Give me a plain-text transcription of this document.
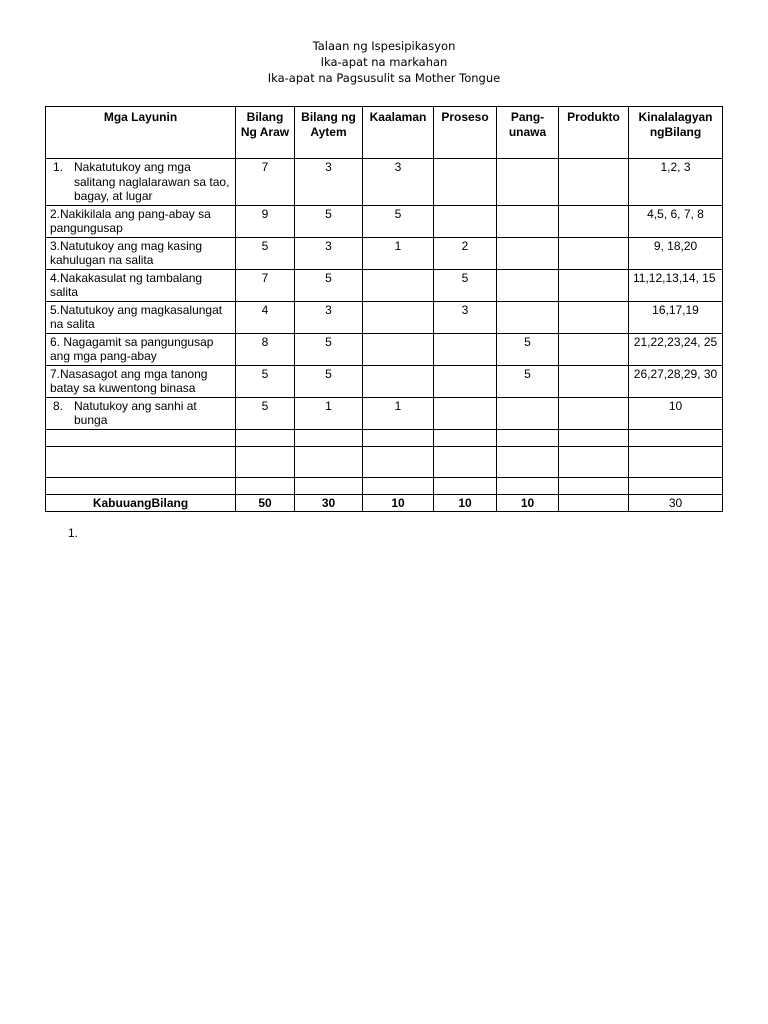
Talaan ng Ispesipikasyon
Ika-apat na markahan
Ika-apat na Pagsusulit sa Mother Tongue
Mga Layunin	Bilang Ng Araw	Bilang ng Aytem	Kaalaman	Proseso	Pang-unawa	Produkto	Kinalalagyan ngBilang
1. Nakatutukoy ang mga salitang naglalarawan sa tao, bagay, at lugar	7	3	3				1,2, 3
2.Nakikilala ang pang-abay sa pangungusap	9	5	5				4,5, 6, 7, 8
3.Natutukoy ang mag kasing kahulugan na salita	5	3	1	2			9, 18,20
4.Nakakasulat ng tambalang salita	7	5		5			11,12,13,14, 15
5.Natutukoy ang magkasalungat na salita	4	3		3			16,17,19
6. Nagagamit sa pangungusap ang mga pang-abay	8	5			5		21,22,23,24, 25
7.Nasasagot ang mga tanong batay sa kuwentong binasa	5	5			5		26,27,28,29, 30
8. Natutukoy ang sanhi at bunga	5	1	1				10

KabuuangBilang	50	30	10	10	10		30
1.
